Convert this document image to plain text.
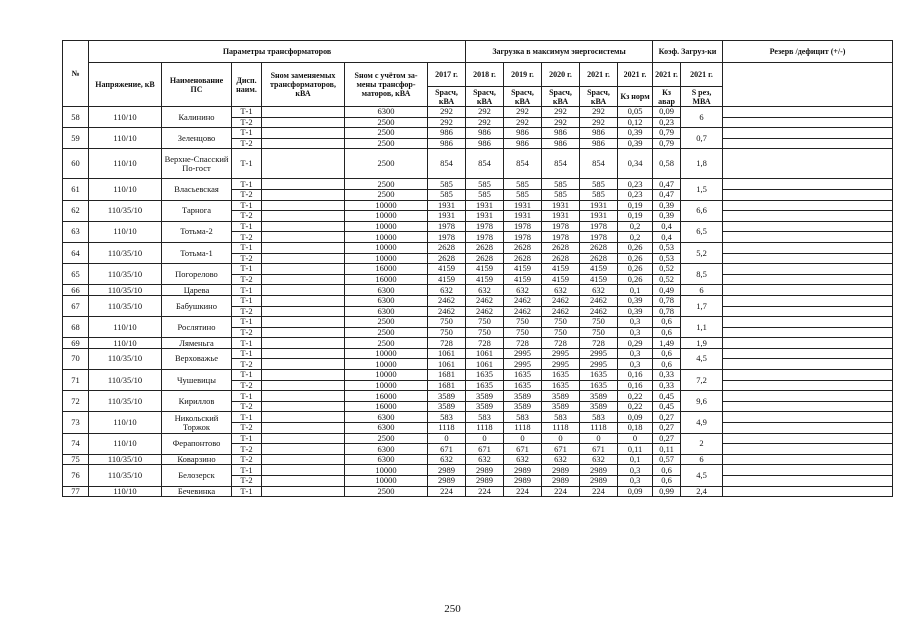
№	Параметры трансформаторов						Загрузка в максимум энергосистемы					Коэф. Загруз-ки		Резерв /дефицит (+/-)	
	Напряжение, кВ	Наименование ПС	Дисп. наим.	Sном заменяемых трансформаторов, кВА	Sном с учётом за-мены трансфор-маторов, кВА	2017 г.	2018 г.	2019 г.	2020 г.	2021 г.	2021 г.	2021 г.	2021 г.		
						Sрасч, кВА	Sрасч, кВА	Sрасч, кВА	Sрасч, кВА	Sрасч, кВА	Кз норм	Кз авар	S рез, МВА		
58	110/10	Калинино	Т-1		6300	292	292	292	292	292	0,05	0,09	6		
			Т-2		2500	292	292	292	292	292	0,12	0,23			
59	110/10	Зеленцово	Т-1		2500	986	986	986	986	986	0,39	0,79	0,7		
			Т-2		2500	986	986	986	986	986	0,39	0,79			
60	110/10	Верхне-Спасский По-гост	Т-1		2500	854	854	854	854	854	0,34	0,58	1,8		
61	110/10	Власьевская	Т-1		2500	585	585	585	585	585	0,23	0,47	1,5		
			Т-2		2500	585	585	585	585	585	0,23	0,47			
62	110/35/10	Тарнога	Т-1		10000	1931	1931	1931	1931	1931	0,19	0,39	6,6		
			Т-2		10000	1931	1931	1931	1931	1931	0,19	0,39			
63	110/10	Тотьма-2	Т-1		10000	1978	1978	1978	1978	1978	0,2	0,4	6,5		
			Т-2		10000	1978	1978	1978	1978	1978	0,2	0,4			
64	110/35/10	Тотьма-1	Т-1		10000	2628	2628	2628	2628	2628	0,26	0,53	5,2		
			Т-2		10000	2628	2628	2628	2628	2628	0,26	0,53			
65	110/35/10	Погорелово	Т-1		16000	4159	4159	4159	4159	4159	0,26	0,52	8,5		
			Т-2		16000	4159	4159	4159	4159	4159	0,26	0,52			
66	110/35/10	Царева	Т-1		6300	632	632	632	632	632	0,1	0,49	6		
67	110/35/10	Бабушкино	Т-1		6300	2462	2462	2462	2462	2462	0,39	0,78	1,7		
			Т-2		6300	2462	2462	2462	2462	2462	0,39	0,78			
68	110/10	Рослятино	Т-1		2500	750	750	750	750	750	0,3	0,6	1,1		
			Т-2		2500	750	750	750	750	750	0,3	0,6			
69	110/10	Ляменьга	Т-1		2500	728	728	728	728	728	0,29	1,49	1,9		
70	110/35/10	Верховажье	Т-1		10000	1061	1061	2995	2995	2995	0,3	0,6	4,5		
			Т-2		10000	1061	1061	2995	2995	2995	0,3	0,6			
71	110/35/10	Чушевицы	Т-1		10000	1681	1635	1635	1635	1635	0,16	0,33	7,2		
			Т-2		10000	1681	1635	1635	1635	1635	0,16	0,33			
72	110/35/10	Кириллов	Т-1		16000	3589	3589	3589	3589	3589	0,22	0,45	9,6		
			Т-2		16000	3589	3589	3589	3589	3589	0,22	0,45			
73	110/10	Никольский Торжок	Т-1		6300	583	583	583	583	583	0,09	0,27	4,9		
			Т-2		6300	1118	1118	1118	1118	1118	0,18	0,27			
74	110/10	Ферапонтово	Т-1		2500	0	0	0	0	0	0	0,27	2		
			Т-2		6300	671	671	671	671	671	0,11	0,11			
75	110/35/10	Коварзино	Т-2		6300	632	632	632	632	632	0,1	0,57	6		
76	110/35/10	Белозерск	Т-1		10000	2989	2989	2989	2989	2989	0,3	0,6	4,5		
			Т-2		10000	2989	2989	2989	2989	2989	0,3	0,6			
77	110/10	Бечевинка	Т-1		2500	224	224	224	224	224	0,09	0,99	2,4		
250
